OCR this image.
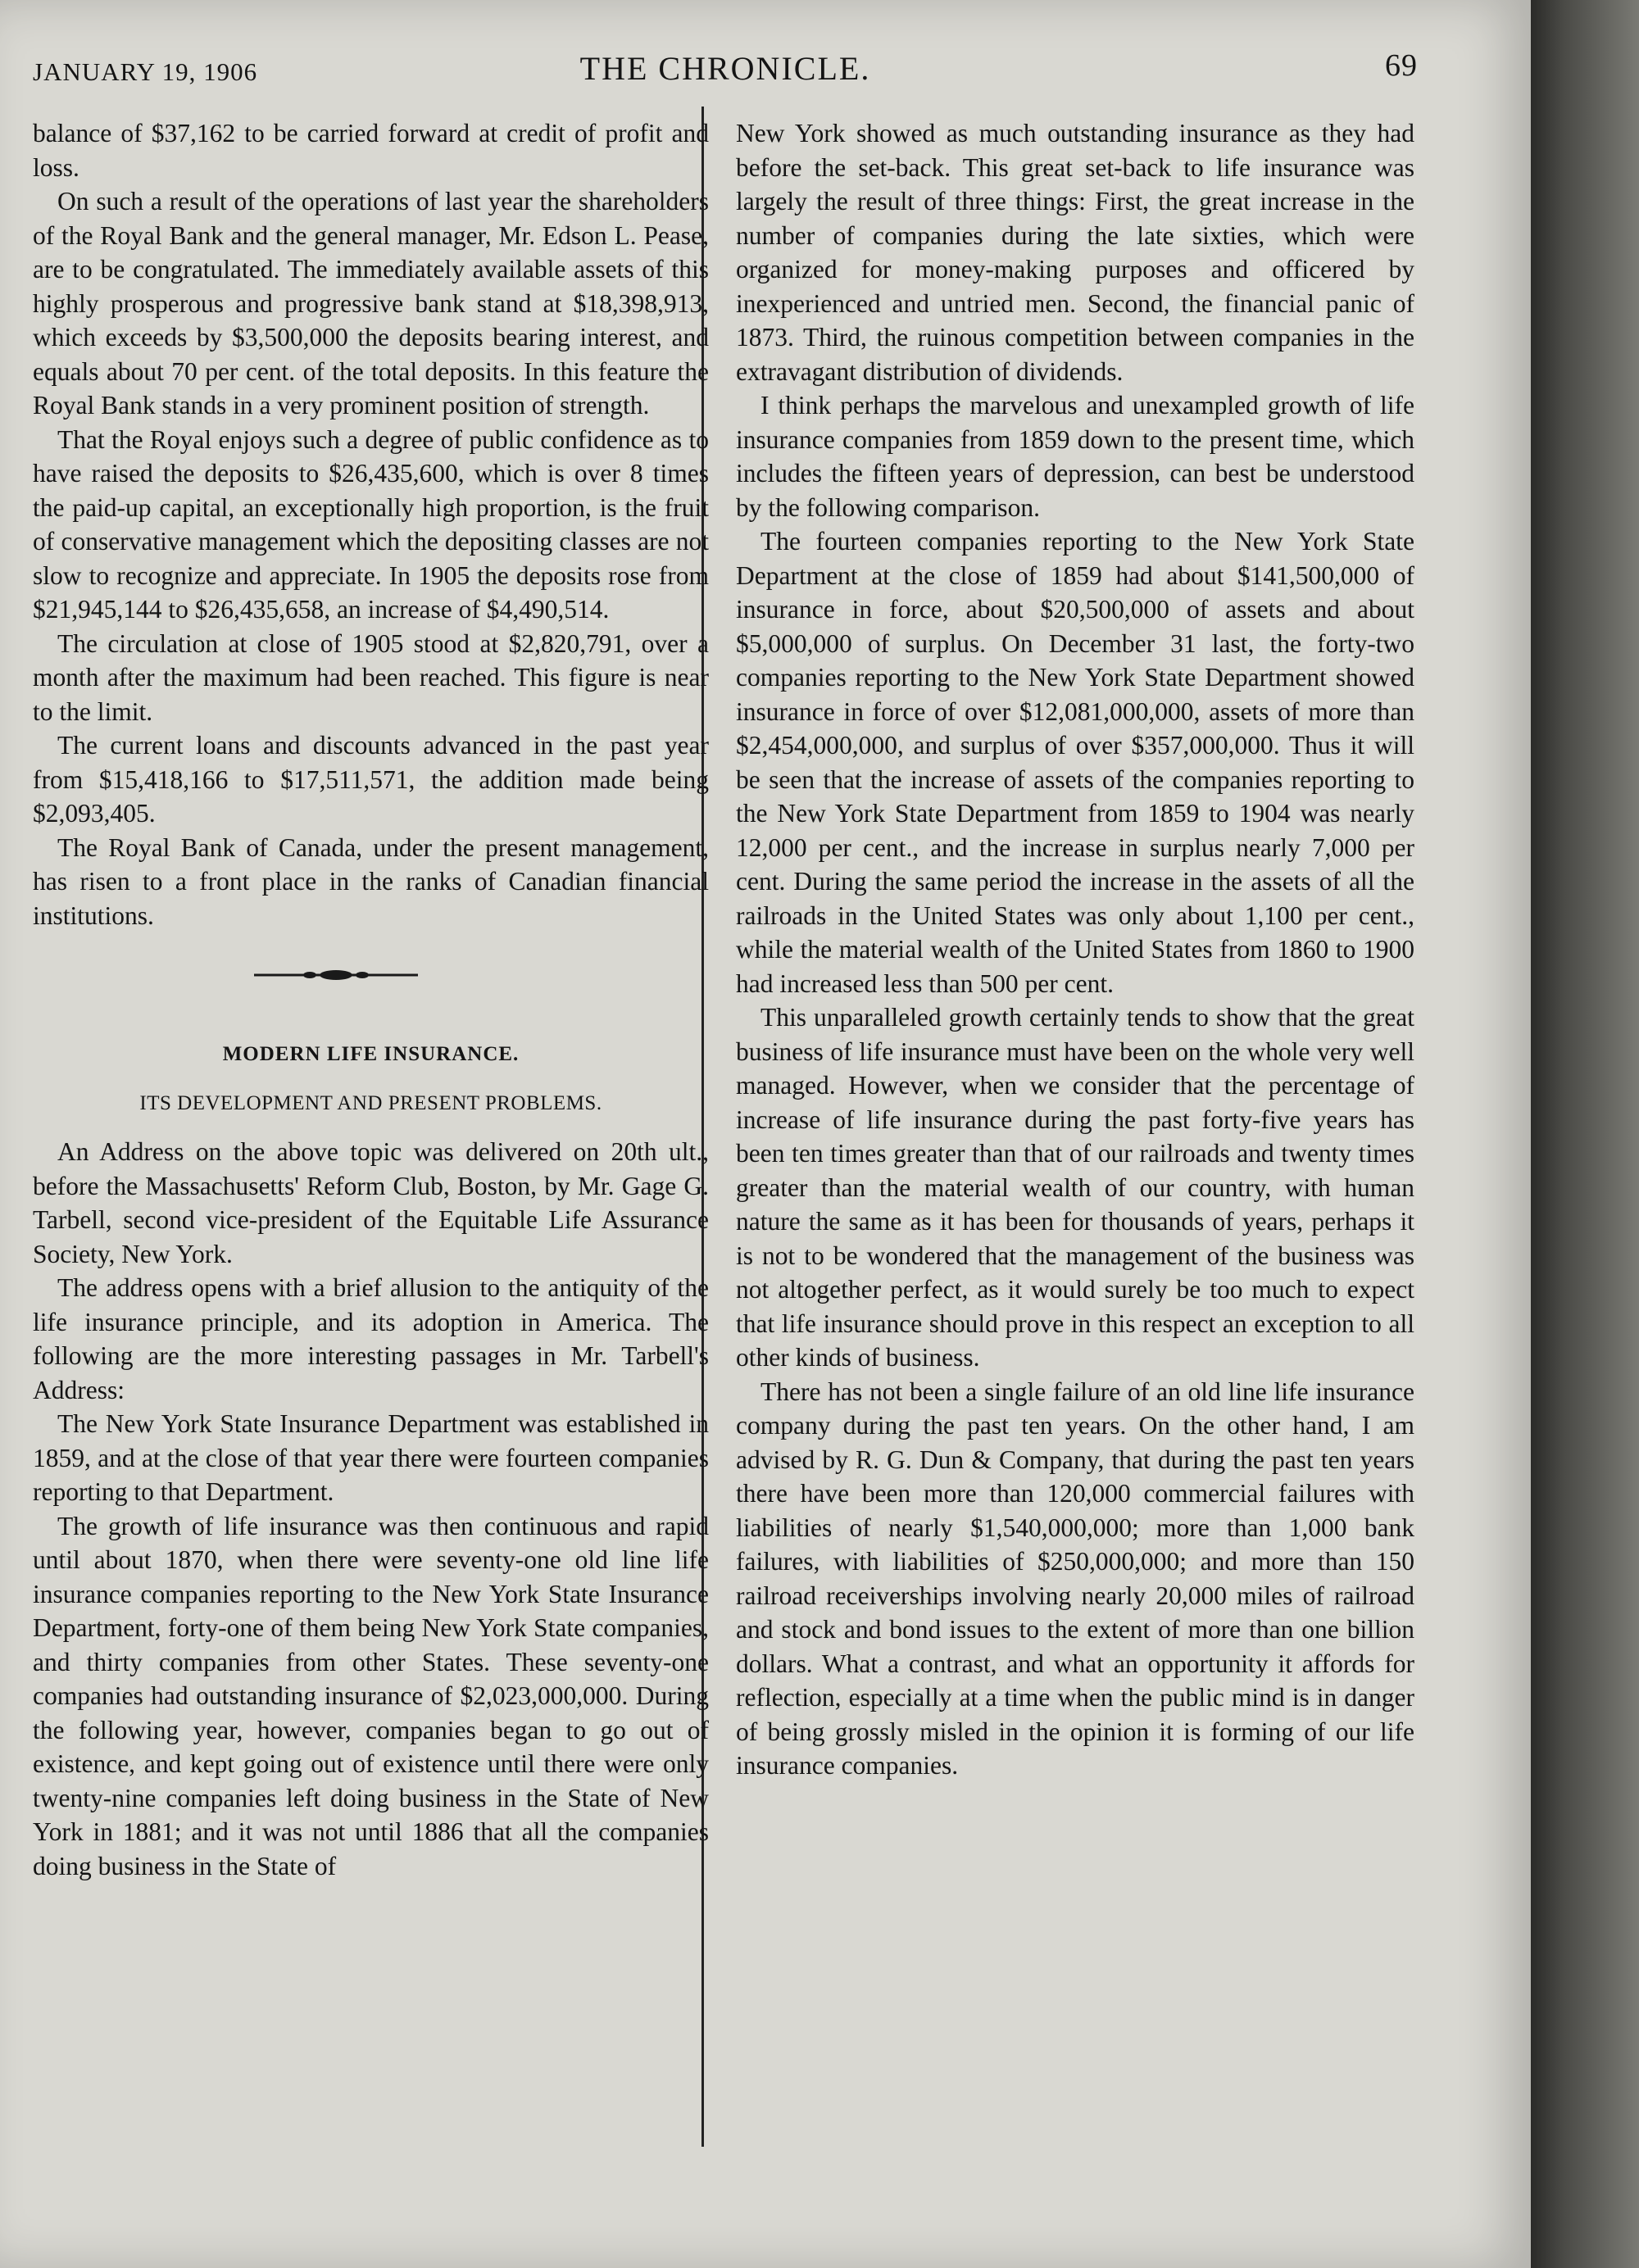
JANUARY 19, 1906	THE CHRONICLE.	69

balance of $37,162 to be carried forward at credit of profit and loss.

On such a result of the operations of last year the shareholders of the Royal Bank and the general manager, Mr. Edson L. Pease, are to be congratulated. The immediately available assets of this highly prosperous and progressive bank stand at $18,398,913, which exceeds by $3,500,000 the deposits bearing interest, and equals about 70 per cent. of the total deposits. In this feature the Royal Bank stands in a very prominent position of strength.

That the Royal enjoys such a degree of public confidence as to have raised the deposits to $26,435,600, which is over 8 times the paid-up capital, an exceptionally high proportion, is the fruit of conservative management which the depositing classes are not slow to recognize and appreciate. In 1905 the deposits rose from $21,945,144 to $26,435,658, an increase of $4,490,514.

The circulation at close of 1905 stood at $2,820,791, over a month after the maximum had been reached. This figure is near to the limit.

The current loans and discounts advanced in the past year from $15,418,166 to $17,511,571, the addition made being $2,093,405.

The Royal Bank of Canada, under the present management, has risen to a front place in the ranks of Canadian financial institutions.

MODERN LIFE INSURANCE.
ITS DEVELOPMENT AND PRESENT PROBLEMS.

An Address on the above topic was delivered on 20th ult., before the Massachusetts' Reform Club, Boston, by Mr. Gage G. Tarbell, second vice-president of the Equitable Life Assurance Society, New York.

The address opens with a brief allusion to the antiquity of the life insurance principle, and its adoption in America. The following are the more interesting passages in Mr. Tarbell's Address:

The New York State Insurance Department was established in 1859, and at the close of that year there were fourteen companies reporting to that Department.

The growth of life insurance was then continuous and rapid until about 1870, when there were seventy-one old line life insurance companies reporting to the New York State Insurance Department, forty-one of them being New York State companies, and thirty companies from other States. These seventy-one companies had outstanding insurance of $2,023,000,000. During the following year, however, companies began to go out of existence, and kept going out of existence until there were only twenty-nine companies left doing business in the State of New York in 1881; and it was not until 1886 that all the companies doing business in the State of

New York showed as much outstanding insurance as they had before the set-back. This great set-back to life insurance was largely the result of three things: First, the great increase in the number of companies during the late sixties, which were organized for money-making purposes and officered by inexperienced and untried men. Second, the financial panic of 1873. Third, the ruinous competition between companies in the extravagant distribution of dividends.

I think perhaps the marvelous and unexampled growth of life insurance companies from 1859 down to the present time, which includes the fifteen years of depression, can best be understood by the following comparison.

The fourteen companies reporting to the New York State Department at the close of 1859 had about $141,500,000 of insurance in force, about $20,500,000 of assets and about $5,000,000 of surplus. On December 31 last, the forty-two companies reporting to the New York State Department showed insurance in force of over $12,081,000,000, assets of more than $2,454,000,000, and surplus of over $357,000,000. Thus it will be seen that the increase of assets of the companies reporting to the New York State Department from 1859 to 1904 was nearly 12,000 per cent., and the increase in surplus nearly 7,000 per cent. During the same period the increase in the assets of all the railroads in the United States was only about 1,100 per cent., while the material wealth of the United States from 1860 to 1900 had increased less than 500 per cent.

This unparalleled growth certainly tends to show that the great business of life insurance must have been on the whole very well managed. However, when we consider that the percentage of increase of life insurance during the past forty-five years has been ten times greater than that of our railroads and twenty times greater than the material wealth of our country, with human nature the same as it has been for thousands of years, perhaps it is not to be wondered that the management of the business was not altogether perfect, as it would surely be too much to expect that life insurance should prove in this respect an exception to all other kinds of business.

There has not been a single failure of an old line life insurance company during the past ten years. On the other hand, I am advised by R. G. Dun & Company, that during the past ten years there have been more than 120,000 commercial failures with liabilities of nearly $1,540,000,000; more than 1,000 bank failures, with liabilities of $250,000,000; and more than 150 railroad receiverships involving nearly 20,000 miles of railroad and stock and bond issues to the extent of more than one billion dollars. What a contrast, and what an opportunity it affords for reflection, especially at a time when the public mind is in danger of being grossly misled in the opinion it is forming of our life insurance companies.
